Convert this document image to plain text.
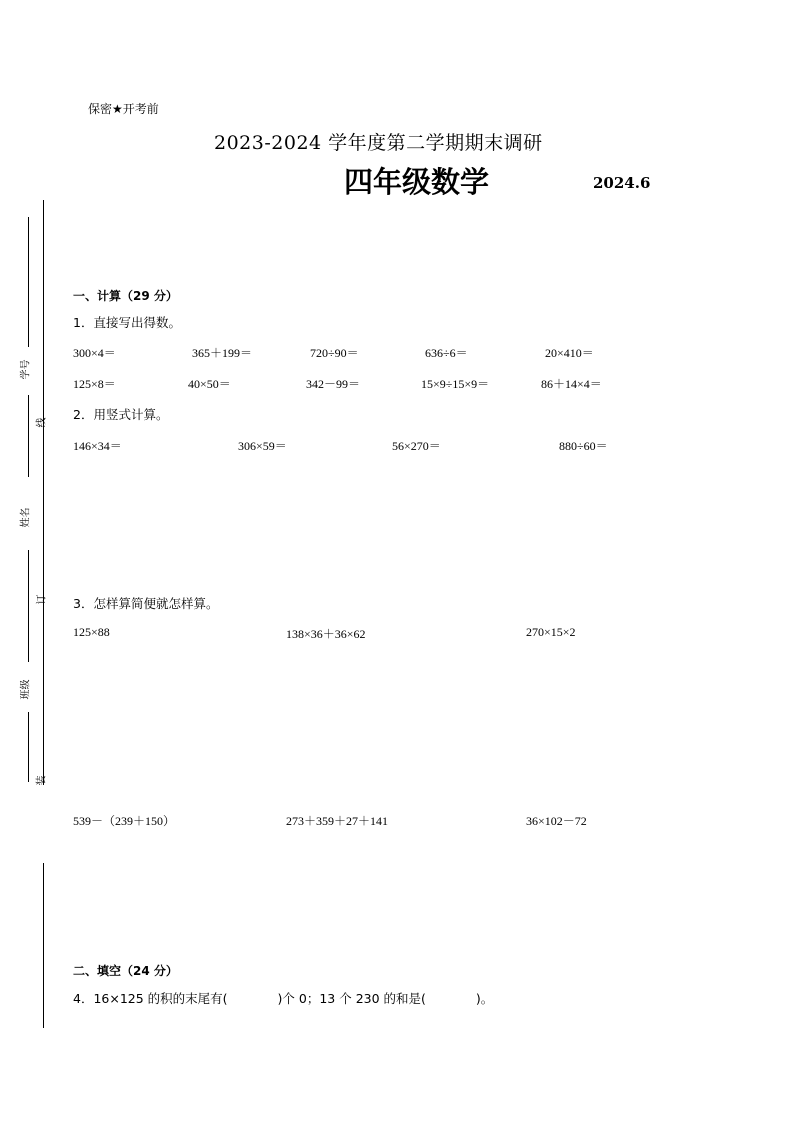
保密★开考前
2023-2024 学年度第二学期期末调研
四年级数学	2024.6
学号
姓名
班级
线
订
装
一、计算（29 分）
1．直接写出得数。
300×4＝	365＋199＝	720÷90＝	636÷6＝	20×410＝
125×8＝	40×50＝	342－99＝	15×9÷15×9＝	86＋14×4＝
2．用竖式计算。
146×34＝	306×59＝	56×270＝	880÷60＝
3．怎样算简便就怎样算。
125×88	138×36＋36×62	270×15×2
539－（239＋150）	273＋359＋27＋141	36×102－72
二、填空（24 分）
4．16×125 的积的末尾有(　　　　)个 0；13 个 230 的和是(　　　　)。
